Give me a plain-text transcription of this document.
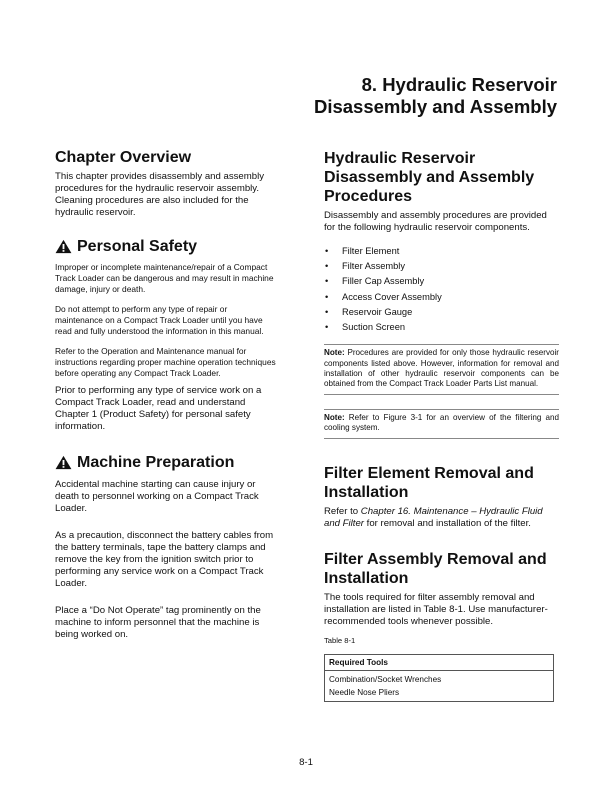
8. Hydraulic Reservoir
Disassembly and Assembly
Chapter Overview

This chapter provides disassembly and assembly procedures for the hydraulic reservoir assembly. Cleaning procedures are also included for the hydraulic reservoir.

Personal Safety

Improper or incomplete maintenance/repair of a Compact Track Loader can be dangerous and may result in machine damage, injury or death.

Do not attempt to perform any type of repair or maintenance on a Compact Track Loader until you have read and fully understood the information in this manual.

Refer to the Operation and Maintenance manual for instructions regarding proper machine operation techniques before operating any Compact Track Loader.

Prior to performing any type of service work on a Compact Track Loader, read and understand Chapter 1 (Product Safety) for personal safety information.

Machine Preparation

Accidental machine starting can cause injury or death to personnel working on a Compact Track Loader.

As a precaution, disconnect the battery cables from the battery terminals, tape the battery clamps and remove the key from the ignition switch prior to performing any service work on a Compact Track Loader.

Place a “Do Not Operate” tag prominently on the machine to inform personnel that the machine is being worked on.

Hydraulic Reservoir Disassembly and Assembly Procedures

Disassembly and assembly procedures are provided for the following hydraulic reservoir components.

• Filter Element
• Filter Assembly
• Filler Cap Assembly
• Access Cover Assembly
• Reservoir Gauge
• Suction Screen
Note: Procedures are provided for only those hydraulic reservoir components listed above. However, information for removal and installation of other hydraulic reservoir components can be obtained from the Compact Track Loader Parts List manual.
Note: Refer to Figure 3-1 for an overview of the filtering and cooling system.
Filter Element Removal and Installation

Refer to Chapter 16. Maintenance – Hydraulic Fluid and Filter for removal and installation of the filter.

Filter Assembly Removal and Installation

The tools required for filter assembly removal and installation are listed in Table 8-1. Use manufacturer-recommended tools whenever possible.

Table 8-1

Required Tools
Combination/Socket Wrenches
Needle Nose Pliers
8-1
